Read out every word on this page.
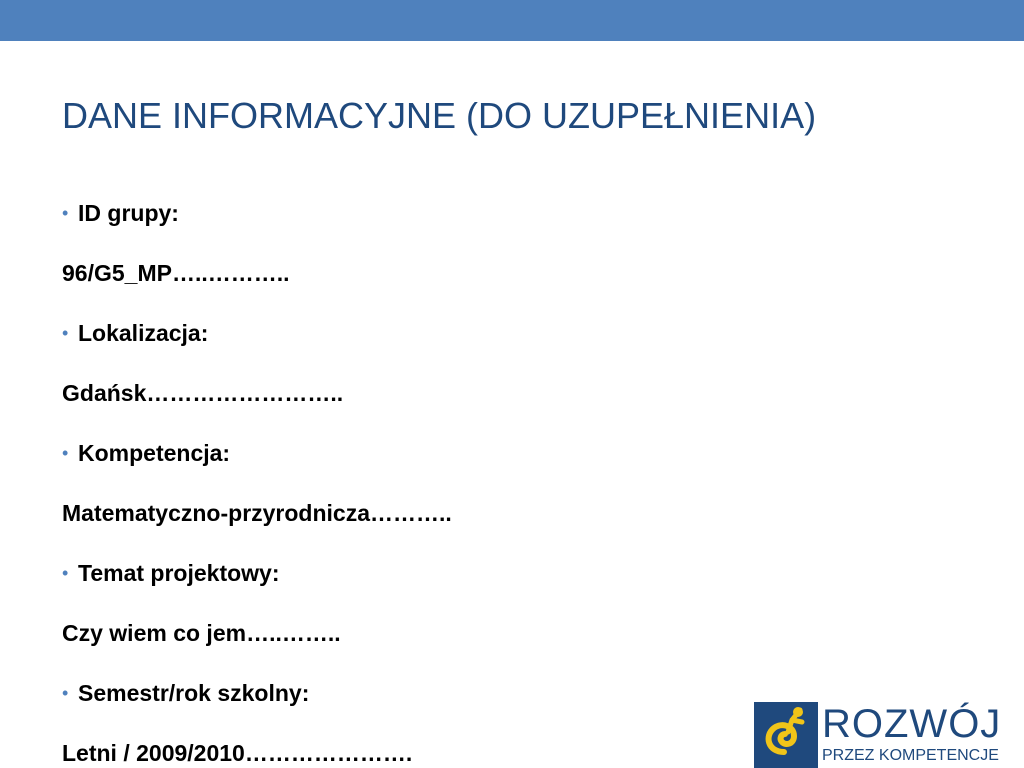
DANE INFORMACYJNE (DO UZUPEŁNIENIA)
• ID grupy:
96/G5_MP…..………..
• Lokalizacja:
Gdańsk……………………..
• Kompetencja:
Matematyczno-przyrodnicza………..
• Temat projektowy:
Czy wiem co jem…..……..
• Semestr/rok szkolny:
Letni / 2009/2010………………….
ROZWÓJ
PRZEZ KOMPETENCJE
